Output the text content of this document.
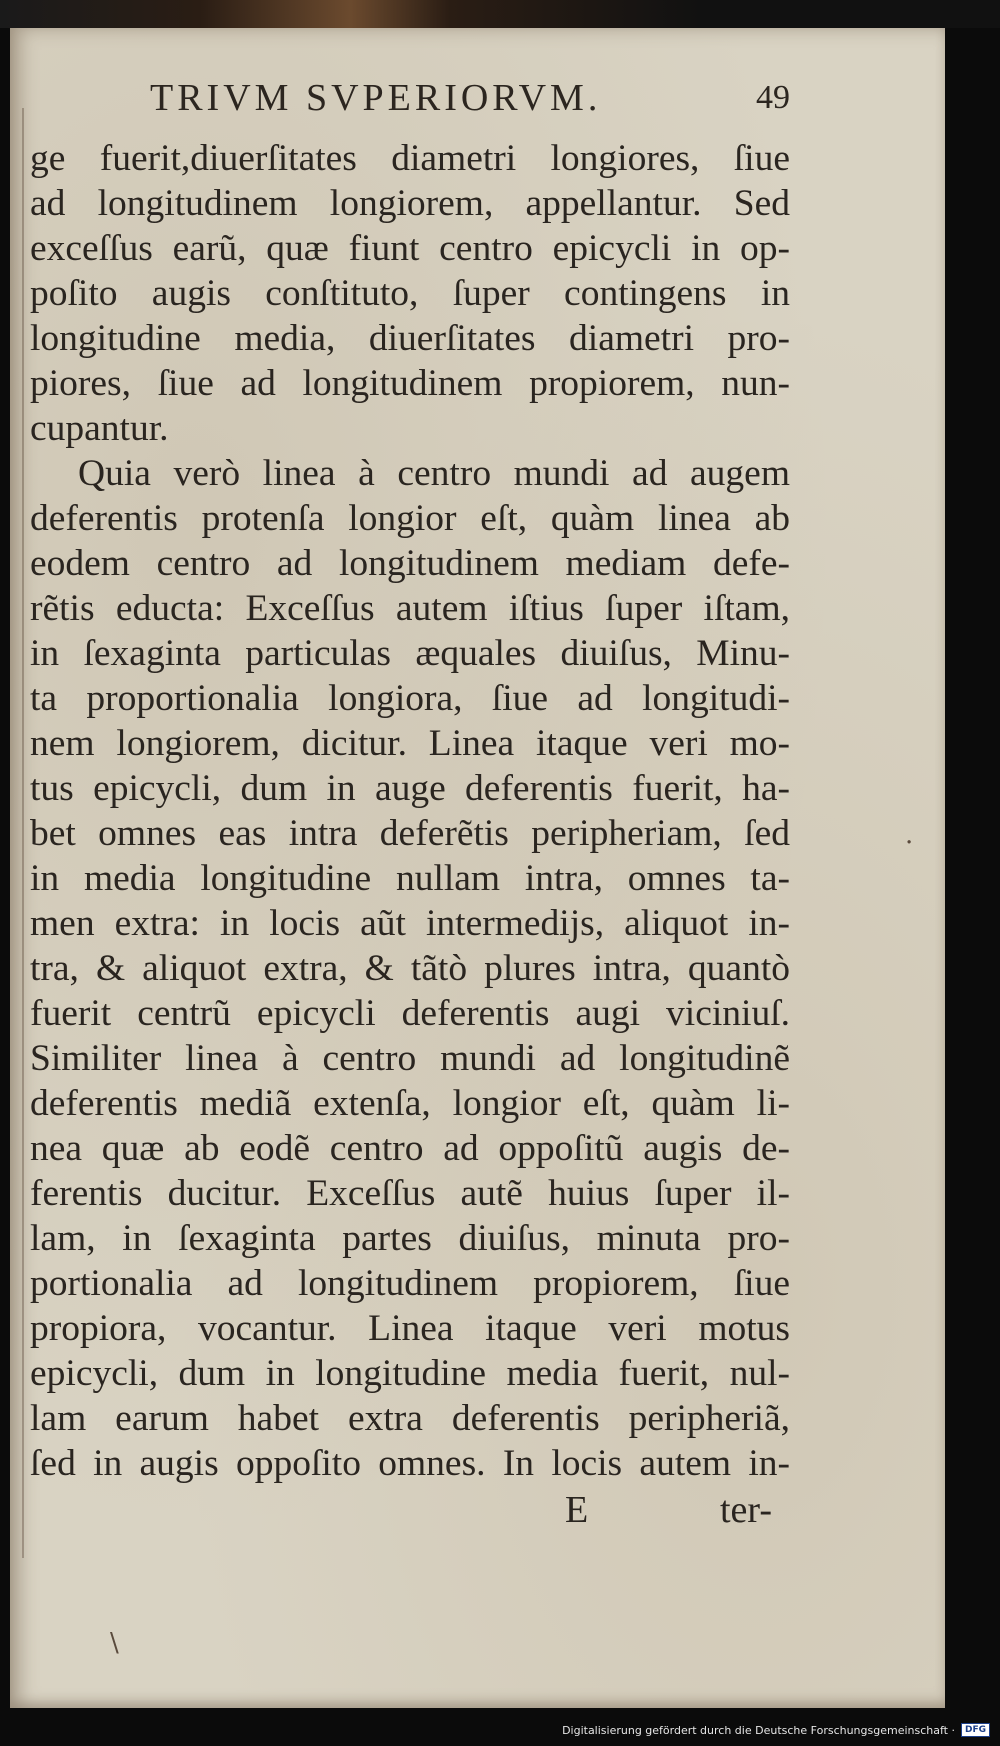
TRIVM SVPERIORVM.	49
ge fuerit,diuerſitates diametri longiores, ſiue
ad longitudinem longiorem, appellantur. Sed
exceſſus earũ, quæ fiunt centro epicycli in op-
poſito augis conſtituto, ſuper contingens in
longitudine media, diuerſitates diametri pro-
piores, ſiue ad longitudinem propiorem, nun-
cupantur.
Quia verò linea à centro mundi ad augem
deferentis protenſa longior eſt, quàm linea ab
eodem centro ad longitudinem mediam defe-
rẽtis educta: Exceſſus autem iſtius ſuper iſtam,
in ſexaginta particulas æquales diuiſus, Minu-
ta proportionalia longiora, ſiue ad longitudi-
nem longiorem, dicitur. Linea itaque veri mo-
tus epicycli, dum in auge deferentis fuerit, ha-
bet omnes eas intra deferẽtis peripheriam, ſed
in media longitudine nullam intra, omnes ta-
men extra: in locis aũt intermedijs, aliquot in-
tra, & aliquot extra, & tãtò plures intra, quantò
fuerit centrũ epicycli deferentis augi viciniuſ.
Similiter linea à centro mundi ad longitudinẽ
deferentis mediã extenſa, longior eſt, quàm li-
nea quæ ab eodẽ centro ad oppoſitũ augis de-
ferentis ducitur. Exceſſus autẽ huius ſuper il-
lam, in ſexaginta partes diuiſus, minuta pro-
portionalia ad longitudinem propiorem, ſiue
propiora, vocantur. Linea itaque veri motus
epicycli, dum in longitudine media fuerit, nul-
lam earum habet extra deferentis peripheriã,
ſed in augis oppoſito omnes. In locis autem in-
E	ter-
·
\
Digitalisierung gefördert durch die Deutsche Forschungsgemeinschaft ·	DFG
